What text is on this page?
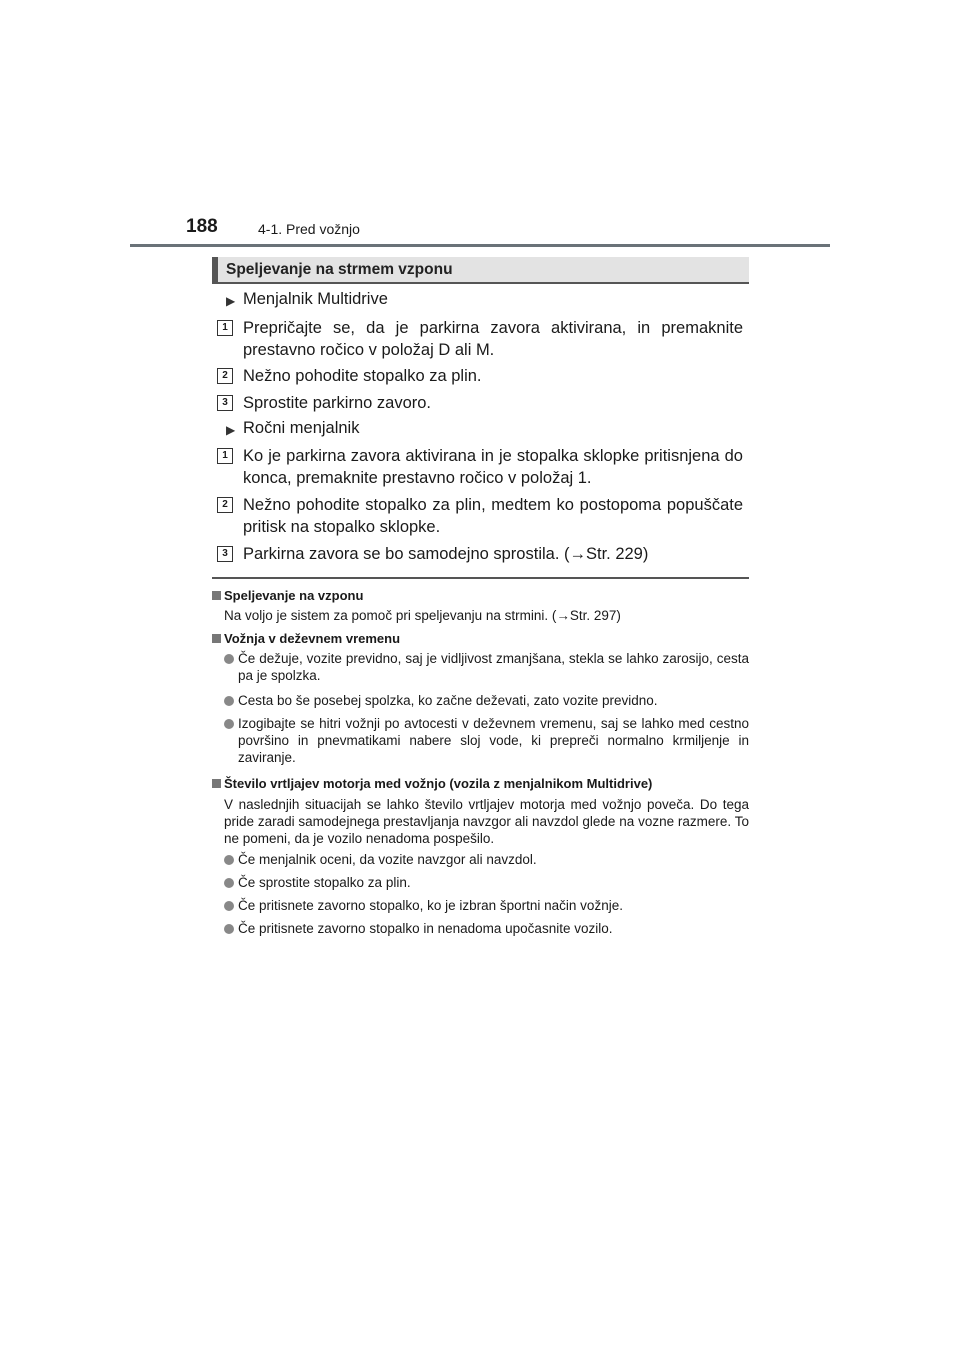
188	4-1. Pred vožnjo
Speljevanje na strmem vzponu
▶ Menjalnik Multidrive
1 Prepričajte se, da je parkirna zavora aktivirana, in premaknite prestavno ročico v položaj D ali M.
2 Nežno pohodite stopalko za plin.
3 Sprostite parkirno zavoro.
▶ Ročni menjalnik
1 Ko je parkirna zavora aktivirana in je stopalka sklopke pritisnjena do konca, premaknite prestavno ročico v položaj 1.
2 Nežno pohodite stopalko za plin, medtem ko postopoma popuščate pritisk na stopalko sklopke.
3 Parkirna zavora se bo samodejno sprostila. (→Str. 229)
Speljevanje na vzponu
Na voljo je sistem za pomoč pri speljevanju na strmini. (→Str. 297)
Vožnja v deževnem vremenu
Če dežuje, vozite previdno, saj je vidljivost zmanjšana, stekla se lahko zarosijo, cesta pa je spolzka.
Cesta bo še posebej spolzka, ko začne deževati, zato vozite previdno.
Izogibajte se hitri vožnji po avtocesti v deževnem vremenu, saj se lahko med cestno površino in pnevmatikami nabere sloj vode, ki prepreči normalno krmiljenje in zaviranje.
Število vrtljajev motorja med vožnjo (vozila z menjalnikom Multidrive)
V naslednjih situacijah se lahko število vrtljajev motorja med vožnjo poveča. Do tega pride zaradi samodejnega prestavljanja navzgor ali navzdol glede na vozne razmere. To ne pomeni, da je vozilo nenadoma pospešilo.
Če menjalnik oceni, da vozite navzgor ali navzdol.
Če sprostite stopalko za plin.
Če pritisnete zavorno stopalko, ko je izbran športni način vožnje.
Če pritisnete zavorno stopalko in nenadoma upočasnite vozilo.
